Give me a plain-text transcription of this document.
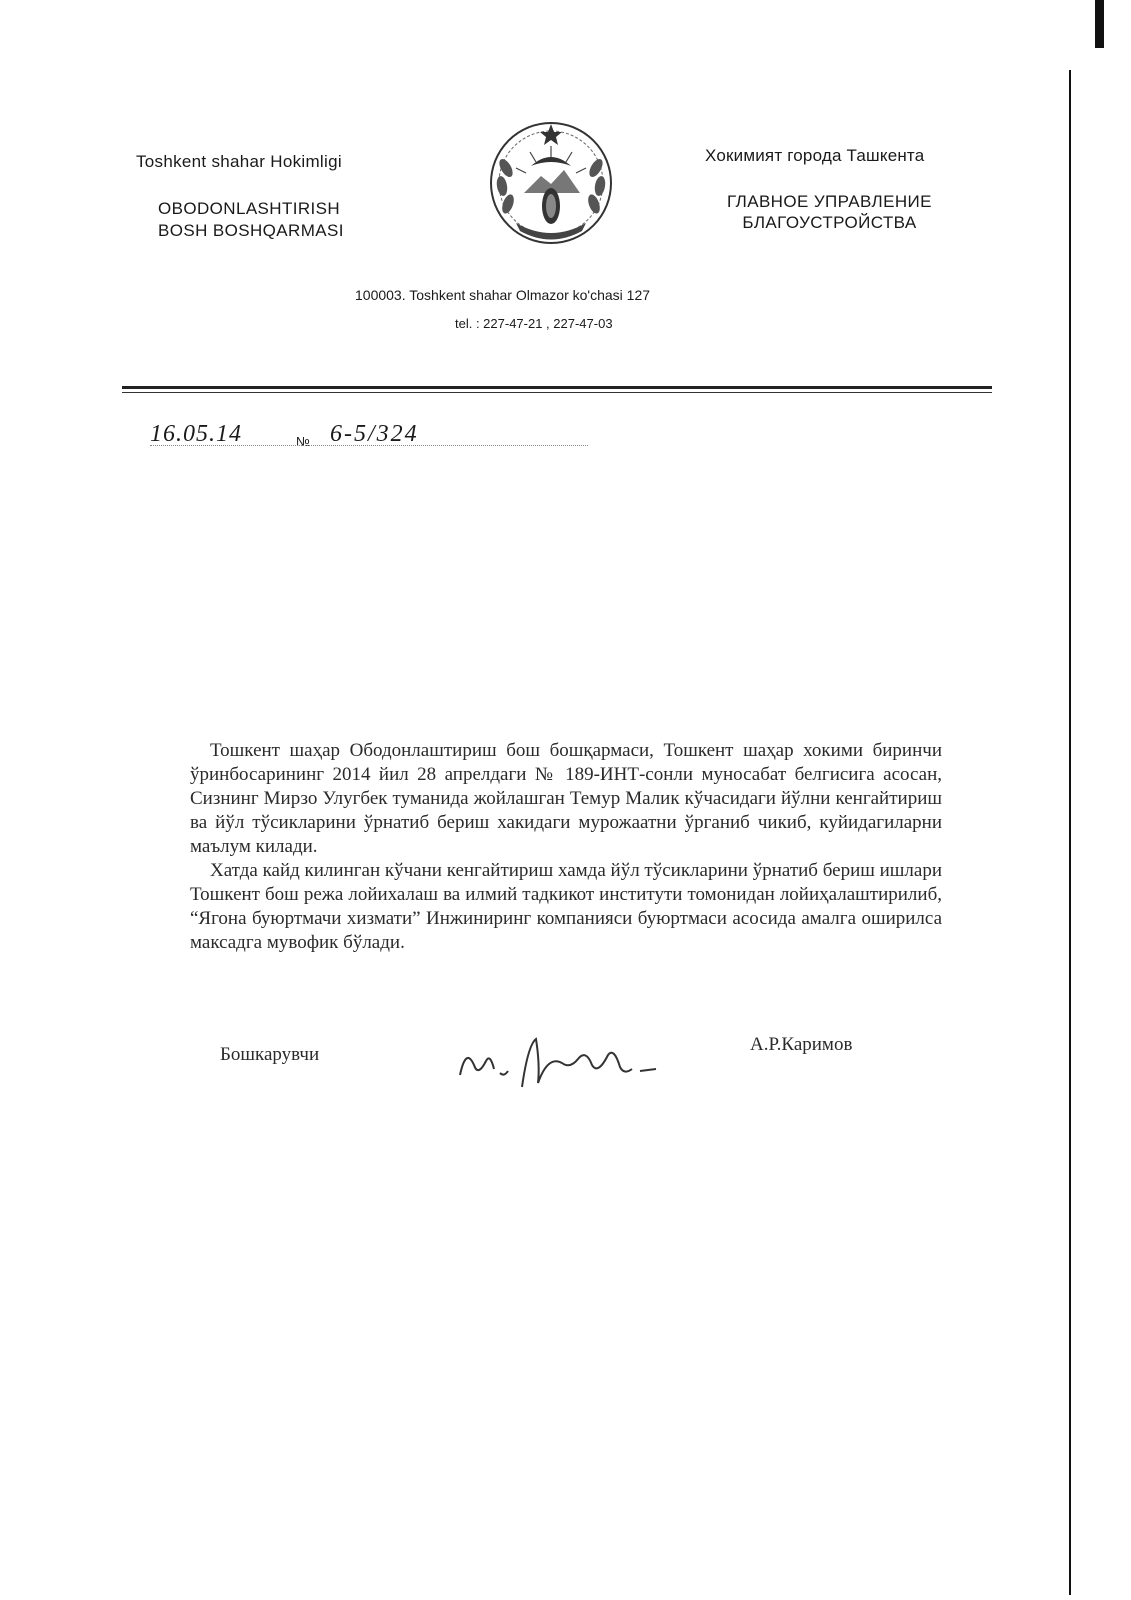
Toshkent shahar Hokimligi
OBODONLASHTIRISH
BOSH BOSHQARMASI
Хокимият города Ташкента
ГЛАВНОЕ УПРАВЛЕНИЕ
БЛАГОУСТРОЙСТВА
100003. Toshkent shahar Olmazor ko'chasi 127
tel. : 227-47-21 , 227-47-03
16.05.14	№ 6-5/324

Тошкент шаҳар Ободонлаштириш бош бошқармаси, Тошкент шаҳар хокими биринчи ўринбосарининг 2014 йил 28 апрелдаги № 189-ИНТ-сонли муносабат белгисига асосан, Сизнинг Мирзо Улугбек туманида жойлашган Темур Малик кўчасидаги йўлни кенгайтириш ва йўл тўсикларини ўрнатиб бериш хакидаги мурожаатни ўрганиб чикиб, куйидагиларни маълум килади.

Хатда кайд килинган кўчани кенгайтириш хамда йўл тўсикларини ўрнатиб бериш ишлари Тошкент бош режа лойихалаш ва илмий тадкикот институти томонидан лойиҳалаштирилиб, “Ягона буюртмачи хизмати” Инжиниринг компанияси буюртмаси асосида амалга оширилса максадга мувофик бўлади.

Бошкарувчи	А.Р.Каримов
